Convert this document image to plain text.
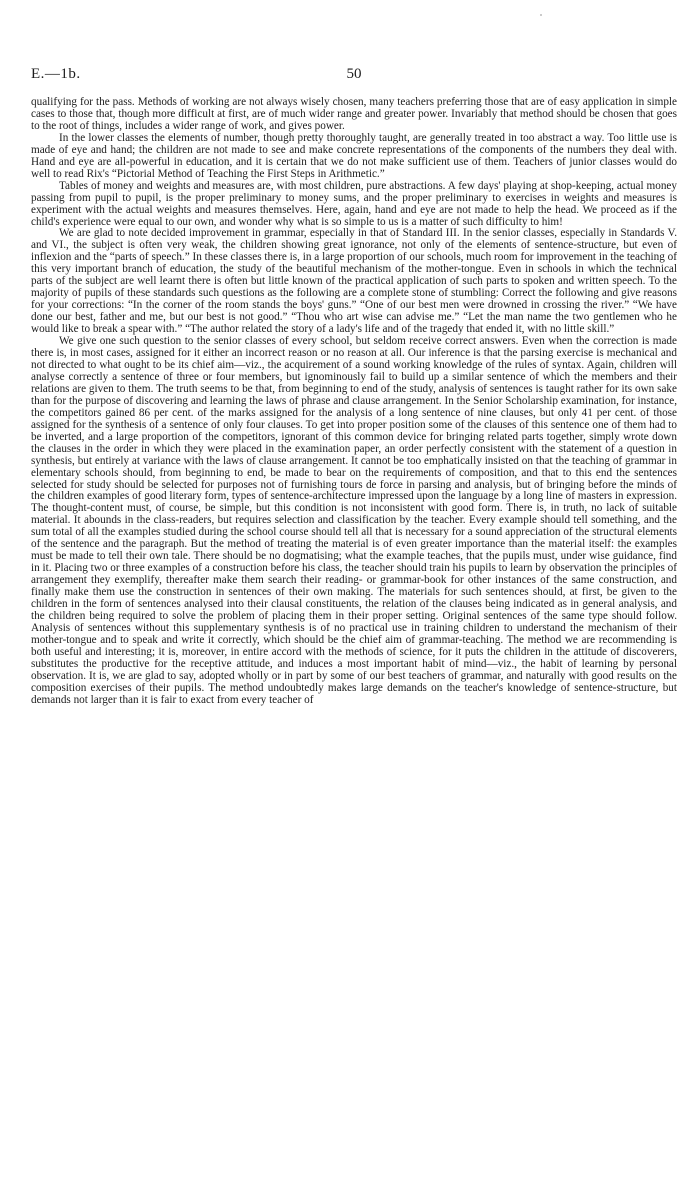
E.—1b.	50

qualifying for the pass. Methods of working are not always wisely chosen, many teachers preferring those that are of easy application in simple cases to those that, though more difficult at first, are of much wider range and greater power. Invariably that method should be chosen that goes to the root of things, includes a wider range of work, and gives power.

In the lower classes the elements of number, though pretty thoroughly taught, are generally treated in too abstract a way. Too little use is made of eye and hand; the children are not made to see and make concrete representations of the components of the numbers they deal with. Hand and eye are all-powerful in education, and it is certain that we do not make sufficient use of them. Teachers of junior classes would do well to read Rix's “Pictorial Method of Teaching the First Steps in Arithmetic.”

Tables of money and weights and measures are, with most children, pure abstractions. A few days' playing at shop-keeping, actual money passing from pupil to pupil, is the proper preliminary to money sums, and the proper preliminary to exercises in weights and measures is experiment with the actual weights and measures themselves. Here, again, hand and eye are not made to help the head. We proceed as if the child's experience were equal to our own, and wonder why what is so simple to us is a matter of such difficulty to him!

We are glad to note decided improvement in grammar, especially in that of Standard III. In the senior classes, especially in Standards V. and VI., the subject is often very weak, the children showing great ignorance, not only of the elements of sentence-structure, but even of inflexion and the “parts of speech.” In these classes there is, in a large proportion of our schools, much room for improvement in the teaching of this very important branch of education, the study of the beautiful mechanism of the mother-tongue. Even in schools in which the technical parts of the subject are well learnt there is often but little known of the practical application of such parts to spoken and written speech. To the majority of pupils of these standards such questions as the following are a complete stone of stumbling: Correct the following and give reasons for your corrections: “In the corner of the room stands the boys' guns.” “One of our best men were drowned in crossing the river.” “We have done our best, father and me, but our best is not good.” “Thou who art wise can advise me.” “Let the man name the two gentlemen who he would like to break a spear with.” “The author related the story of a lady's life and of the tragedy that ended it, with no little skill.”

We give one such question to the senior classes of every school, but seldom receive correct answers. Even when the correction is made there is, in most cases, assigned for it either an incorrect reason or no reason at all. Our inference is that the parsing exercise is mechanical and not directed to what ought to be its chief aim—viz., the acquirement of a sound working knowledge of the rules of syntax. Again, children will analyse correctly a sentence of three or four members, but ignominously fail to build up a similar sentence of which the members and their relations are given to them. The truth seems to be that, from beginning to end of the study, analysis of sentences is taught rather for its own sake than for the purpose of discovering and learning the laws of phrase and clause arrangement. In the Senior Scholarship examination, for instance, the competitors gained 86 per cent. of the marks assigned for the analysis of a long sentence of nine clauses, but only 41 per cent. of those assigned for the synthesis of a sentence of only four clauses. To get into proper position some of the clauses of this sentence one of them had to be inverted, and a large proportion of the competitors, ignorant of this common device for bringing related parts together, simply wrote down the clauses in the order in which they were placed in the examination paper, an order perfectly consistent with the statement of a question in synthesis, but entirely at variance with the laws of clause arrangement. It cannot be too emphatically insisted on that the teaching of grammar in elementary schools should, from beginning to end, be made to bear on the requirements of composition, and that to this end the sentences selected for study should be selected for purposes not of furnishing tours de force in parsing and analysis, but of bringing before the minds of the children examples of good literary form, types of sentence-architecture impressed upon the language by a long line of masters in expression. The thought-content must, of course, be simple, but this condition is not inconsistent with good form. There is, in truth, no lack of suitable material. It abounds in the class-readers, but requires selection and classification by the teacher. Every example should tell something, and the sum total of all the examples studied during the school course should tell all that is necessary for a sound appreciation of the structural elements of the sentence and the paragraph. But the method of treating the material is of even greater importance than the material itself: the examples must be made to tell their own tale. There should be no dogmatising; what the example teaches, that the pupils must, under wise guidance, find in it. Placing two or three examples of a construction before his class, the teacher should train his pupils to learn by observation the principles of arrangement they exemplify, thereafter make them search their reading- or grammar-book for other instances of the same construction, and finally make them use the construction in sentences of their own making. The materials for such sentences should, at first, be given to the children in the form of sentences analysed into their clausal constituents, the relation of the clauses being indicated as in general analysis, and the children being required to solve the problem of placing them in their proper setting. Original sentences of the same type should follow. Analysis of sentences without this supplementary synthesis is of no practical use in training children to understand the mechanism of their mother-tongue and to speak and write it correctly, which should be the chief aim of grammar-teaching. The method we are recommending is both useful and interesting; it is, moreover, in entire accord with the methods of science, for it puts the children in the attitude of discoverers, substitutes the productive for the receptive attitude, and induces a most important habit of mind—viz., the habit of learning by personal observation. It is, we are glad to say, adopted wholly or in part by some of our best teachers of grammar, and naturally with good results on the composition exercises of their pupils. The method undoubtedly makes large demands on the teacher's knowledge of sentence-structure, but demands not larger than it is fair to exact from every teacher of
